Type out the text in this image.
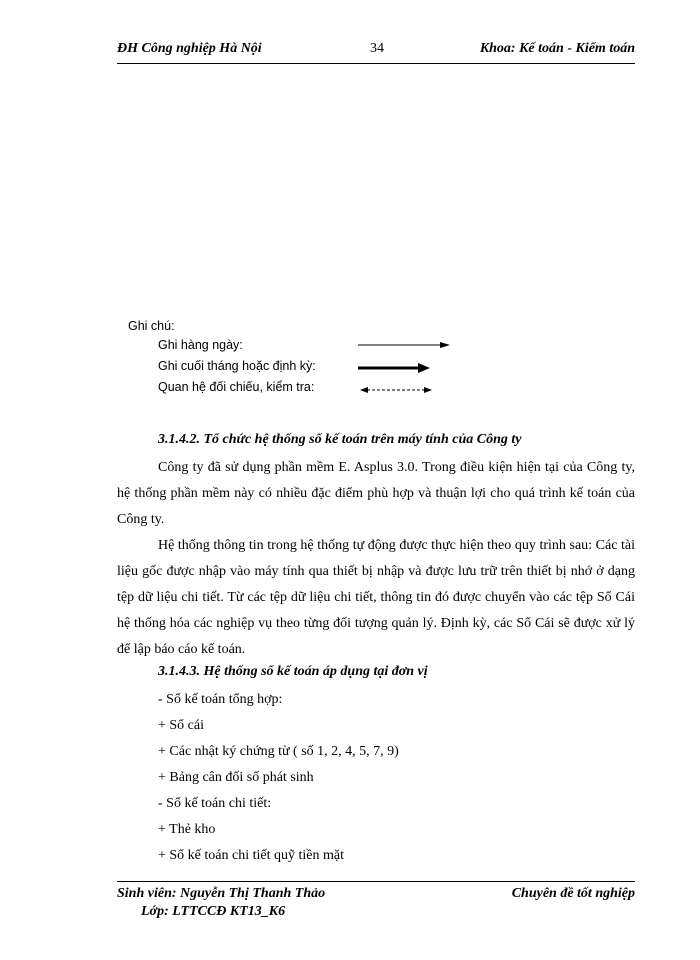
ĐH Công nghiệp Hà Nội	34	Khoa: Kế toán - Kiểm toán
Ghi chú:
Ghi hàng ngày:
Ghi cuối tháng hoặc định kỳ:
Quan hệ đối chiếu, kiểm tra:
3.1.4.2. Tổ chức hệ thống sổ kế toán trên máy tính của Công ty

Công ty đã sử dụng phần mềm E. Asplus 3.0. Trong điều kiện hiện tại của Công ty, hệ thống phần mềm này có nhiều đặc điểm phù hợp và thuận lợi cho quá trình kế toán của Công ty.

Hệ thống thông tin trong hệ thống tự động được thực hiện theo quy trình sau: Các tài liệu gốc được nhập vào máy tính qua thiết bị nhập và được lưu trữ trên thiết bị nhớ ở dạng tệp dữ liệu chi tiết. Từ các tệp dữ liệu chi tiết, thông tin đó được chuyển vào các tệp Sổ Cái hệ thống hóa các nghiệp vụ theo từng đối tượng quản lý. Định kỳ, các Sổ Cái sẽ được xử lý để lập báo cáo kế toán.

3.1.4.3. Hệ thống sổ kế toán áp dụng tại đơn vị
- Sổ kế toán tổng hợp:
+ Sổ cái
+ Các nhật ký chứng từ ( số 1, 2, 4, 5, 7, 9)
+ Bảng cân đối số phát sinh
- Sổ kế toán chi tiết:
+ Thẻ kho
+ Sổ kế toán chi tiết quỹ tiền mặt
Sinh viên: Nguyễn Thị Thanh Thảo	Chuyên đề tốt nghiệp
Lớp: LTTCCĐ KT13_K6
